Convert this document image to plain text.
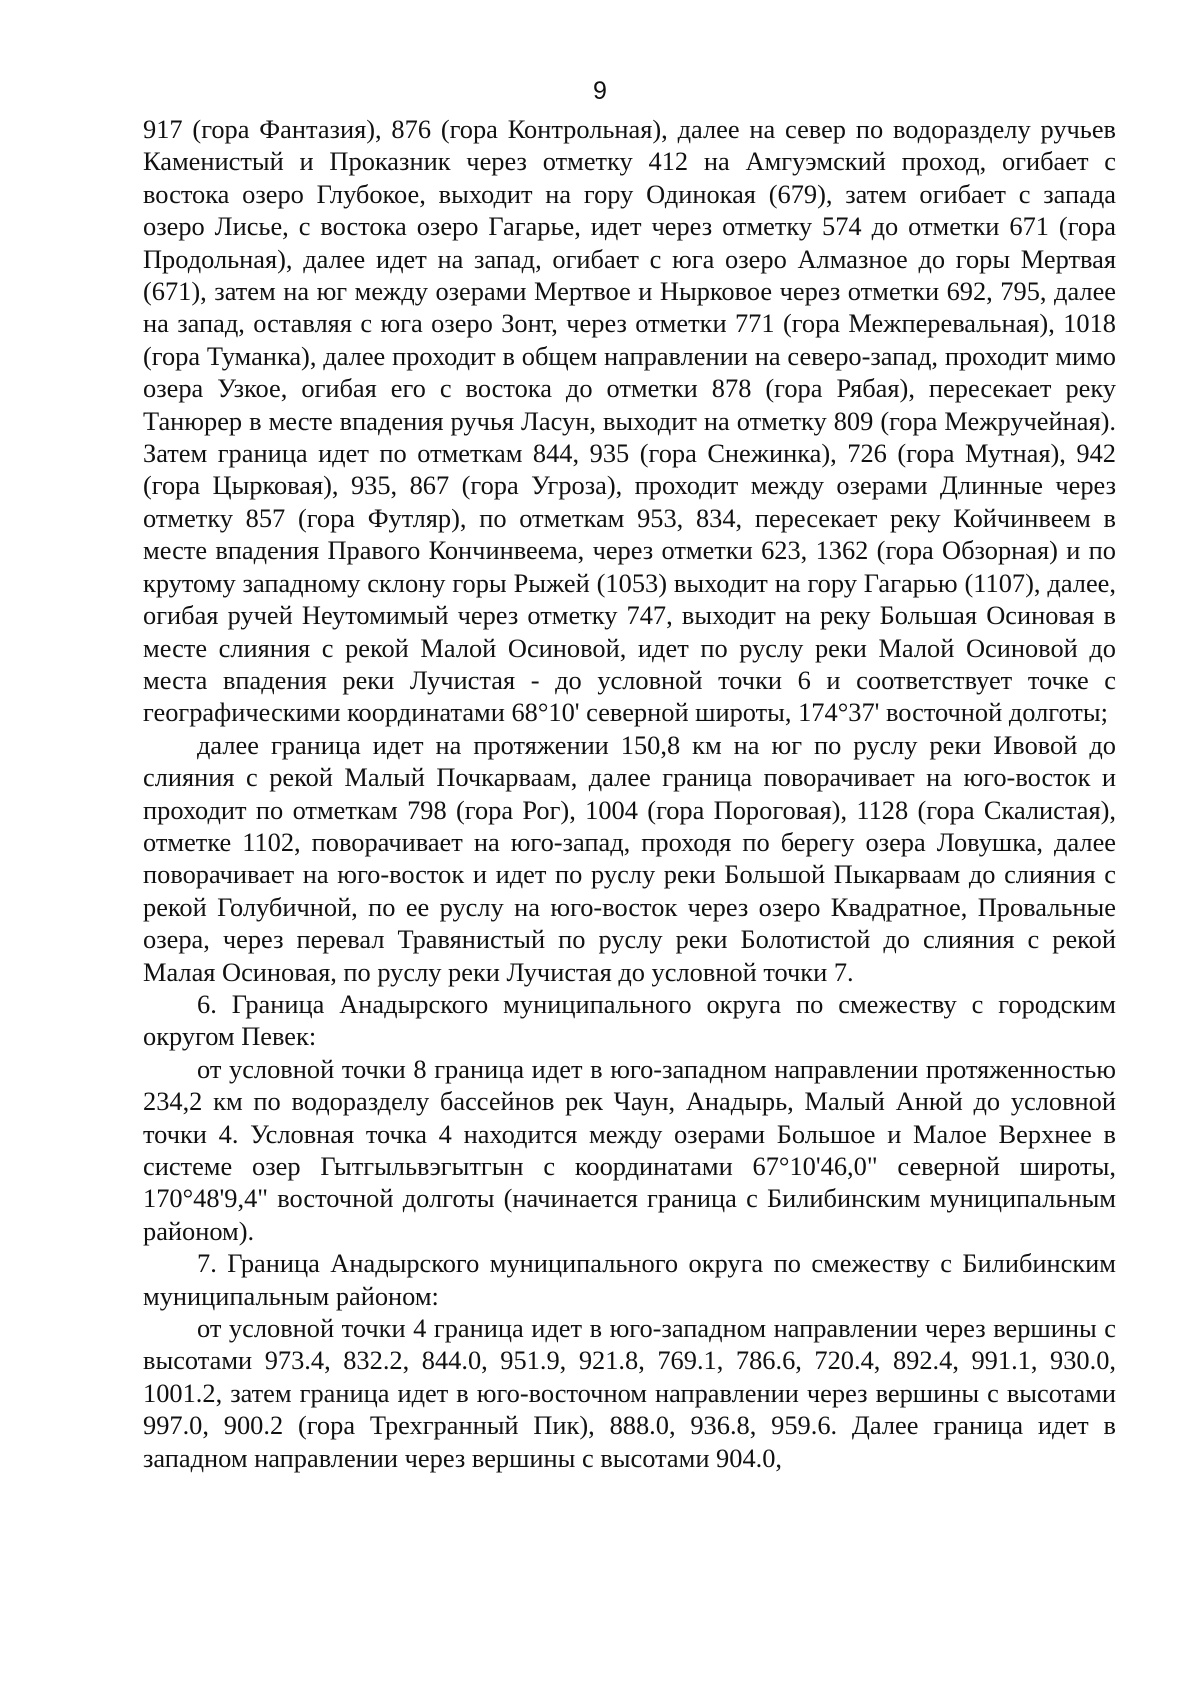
9

917 (гора Фантазия), 876 (гора Контрольная), далее на север по водоразделу ручьев Каменистый и Проказник через отметку 412 на Амгуэмский проход, огибает с востока озеро Глубокое, выходит на гору Одинокая (679), затем огибает с запада озеро Лисье, с востока озеро Гагарье, идет через отметку 574 до отметки 671 (гора Продольная), далее идет на запад, огибает с юга озеро Алмазное до горы Мертвая (671), затем на юг между озерами Мертвое и Нырковое через отметки 692, 795, далее на запад, оставляя с юга озеро Зонт, через отметки 771 (гора Межперевальная), 1018 (гора Туманка), далее проходит в общем направлении на северо-запад, проходит мимо озера Узкое, огибая его с востока до отметки 878 (гора Рябая), пересекает реку Танюрер в месте впадения ручья Ласун, выходит на отметку 809 (гора Межручейная). Затем граница идет по отметкам 844, 935 (гора Снежинка), 726 (гора Мутная), 942 (гора Цырковая), 935, 867 (гора Угроза), проходит между озерами Длинные через отметку 857 (гора Футляр), по отметкам 953, 834, пересекает реку Койчинвеем в месте впадения Правого Кончинвеема, через отметки 623, 1362 (гора Обзорная) и по крутому западному склону горы Рыжей (1053) выходит на гору Гагарью (1107), далее, огибая ручей Неутомимый через отметку 747, выходит на реку Большая Осиновая в месте слияния с рекой Малой Осиновой, идет по руслу реки Малой Осиновой до места впадения реки Лучистая - до условной точки 6 и соответствует точке с географическими координатами 68°10' северной широты, 174°37' восточной долготы;

далее граница идет на протяжении 150,8 км на юг по руслу реки Ивовой до слияния с рекой Малый Почкарваам, далее граница поворачивает на юго-восток и проходит по отметкам 798 (гора Рог), 1004 (гора Пороговая), 1128 (гора Скалистая), отметке 1102, поворачивает на юго-запад, проходя по берегу озера Ловушка, далее поворачивает на юго-восток и идет по руслу реки Большой Пыкарваам до слияния с рекой Голубичной, по ее руслу на юго-восток через озеро Квадратное, Провальные озера, через перевал Травянистый по руслу реки Болотистой до слияния с рекой Малая Осиновая, по руслу реки Лучистая до условной точки 7.

6. Граница Анадырского муниципального округа по смежеству с городским округом Певек:

от условной точки 8 граница идет в юго-западном направлении протяженностью 234,2 км по водоразделу бассейнов рек Чаун, Анадырь, Малый Анюй до условной точки 4. Условная точка 4 находится между озерами Большое и Малое Верхнее в системе озер Гытгыльвэгытгын с координатами 67°10'46,0" северной широты, 170°48'9,4" восточной долготы (начинается граница с Билибинским муниципальным районом).

7. Граница Анадырского муниципального округа по смежеству с Билибинским муниципальным районом:

от условной точки 4 граница идет в юго-западном направлении через вершины с высотами 973.4, 832.2, 844.0, 951.9, 921.8, 769.1, 786.6, 720.4, 892.4, 991.1, 930.0, 1001.2, затем граница идет в юго-восточном направлении через вершины с высотами 997.0, 900.2 (гора Трехгранный Пик), 888.0, 936.8, 959.6. Далее граница идет в западном направлении через вершины с высотами 904.0,
